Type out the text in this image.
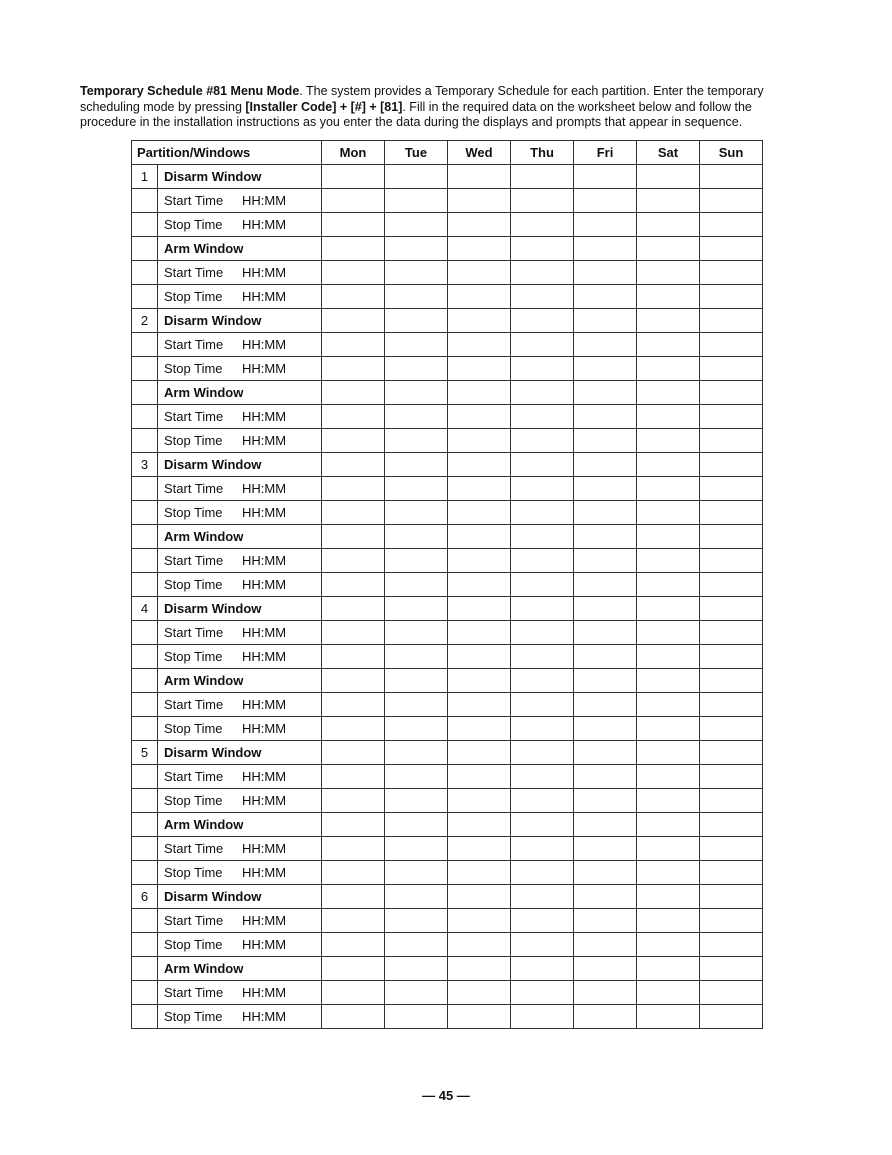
Temporary Schedule #81 Menu Mode. The system provides a Temporary Schedule for each partition. Enter the temporary scheduling mode by pressing [Installer Code] + [#] + [81]. Fill in the required data on the worksheet below and follow the procedure in the installation instructions as you enter the data during the displays and prompts that appear in sequence.
Partition/Windows		Mon	Tue	Wed	Thu	Fri	Sat	Sun
1	Disarm Window							
	Start Time HH:MM							
	Stop Time HH:MM							
	Arm Window							
	Start Time HH:MM							
	Stop Time HH:MM							
2	Disarm Window							
	Start Time HH:MM							
	Stop Time HH:MM							
	Arm Window							
	Start Time HH:MM							
	Stop Time HH:MM							
3	Disarm Window							
	Start Time HH:MM							
	Stop Time HH:MM							
	Arm Window							
	Start Time HH:MM							
	Stop Time HH:MM							
4	Disarm Window							
	Start Time HH:MM							
	Stop Time HH:MM							
	Arm Window							
	Start Time HH:MM							
	Stop Time HH:MM							
5	Disarm Window							
	Start Time HH:MM							
	Stop Time HH:MM							
	Arm Window							
	Start Time HH:MM							
	Stop Time HH:MM							
6	Disarm Window							
	Start Time HH:MM							
	Stop Time HH:MM							
	Arm Window							
	Start Time HH:MM							
	Stop Time HH:MM							
— 45 —
